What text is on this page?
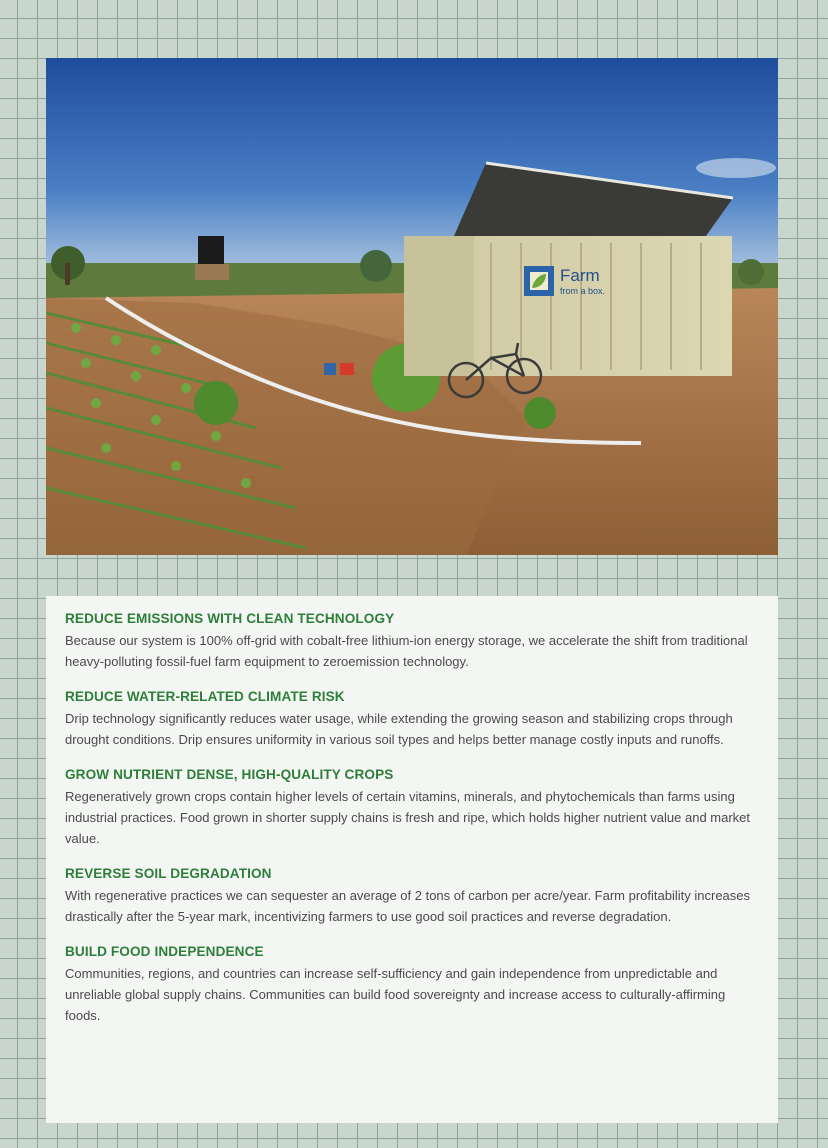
Farm
from a box.
REDUCE EMISSIONS WITH CLEAN TECHNOLOGY

Because our system is 100% off-grid with cobalt-free lithium-ion energy storage, we accelerate the shift from traditional heavy-polluting fossil-fuel farm equipment to zeroemission technology.

REDUCE WATER-RELATED CLIMATE RISK

Drip technology significantly reduces water usage, while extending the growing season and stabilizing crops through drought conditions. Drip ensures uniformity in various soil types and helps better manage costly inputs and runoffs.

GROW NUTRIENT DENSE, HIGH-QUALITY CROPS

Regeneratively grown crops contain higher levels of certain vitamins, minerals, and phytochemicals than farms using industrial practices. Food grown in shorter supply chains is fresh and ripe, which holds higher nutrient value and market value.

REVERSE SOIL DEGRADATION

With regenerative practices we can sequester an average of 2 tons of carbon per acre/year. Farm profitability increases drastically after the 5-year mark, incentivizing farmers to use good soil practices and reverse degradation.

BUILD FOOD INDEPENDENCE

Communities, regions, and countries can increase self-sufficiency and gain independence from unpredictable and unreliable global supply chains. Communities can build food sovereignty and increase access to culturally-affirming foods.
